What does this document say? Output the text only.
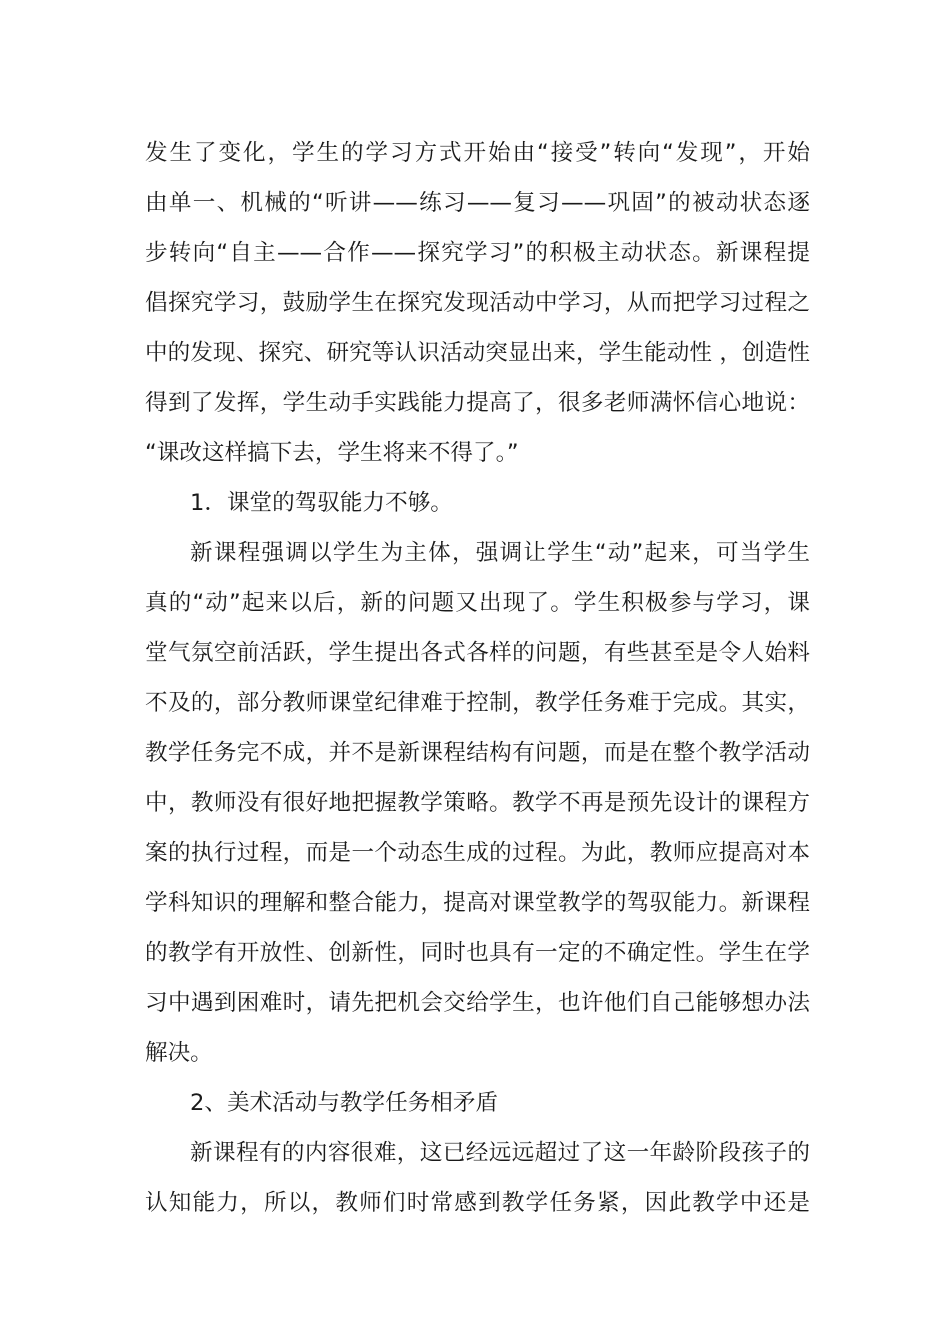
发生了变化，学生的学习方式开始由“接受”转向“发现”，开始
由单一、机械的“听讲——练习——复习——巩固”的被动状态逐
步转向“自主——合作——探究学习”的积极主动状态。新课程提
倡探究学习，鼓励学生在探究发现活动中学习，从而把学习过程之
中的发现、探究、研究等认识活动突显出来，学生能动性 ，创造性
得到了发挥，学生动手实践能力提高了，很多老师满怀信心地说：
“课改这样搞下去，学生将来不得了。”
1．课堂的驾驭能力不够。
新课程强调以学生为主体，强调让学生“动”起来，可当学生
真的“动”起来以后，新的问题又出现了。学生积极参与学习，课
堂气氛空前活跃，学生提出各式各样的问题，有些甚至是令人始料
不及的，部分教师课堂纪律难于控制，教学任务难于完成。其实，
教学任务完不成，并不是新课程结构有问题，而是在整个教学活动
中，教师没有很好地把握教学策略。教学不再是预先设计的课程方
案的执行过程，而是一个动态生成的过程。为此，教师应提高对本
学科知识的理解和整合能力，提高对课堂教学的驾驭能力。新课程
的教学有开放性、创新性，同时也具有一定的不确定性。学生在学
习中遇到困难时，请先把机会交给学生，也许他们自己能够想办法
解决。
2、美术活动与教学任务相矛盾
新课程有的内容很难，这已经远远超过了这一年龄阶段孩子的
认知能力，所以，教师们时常感到教学任务紧，因此教学中还是
